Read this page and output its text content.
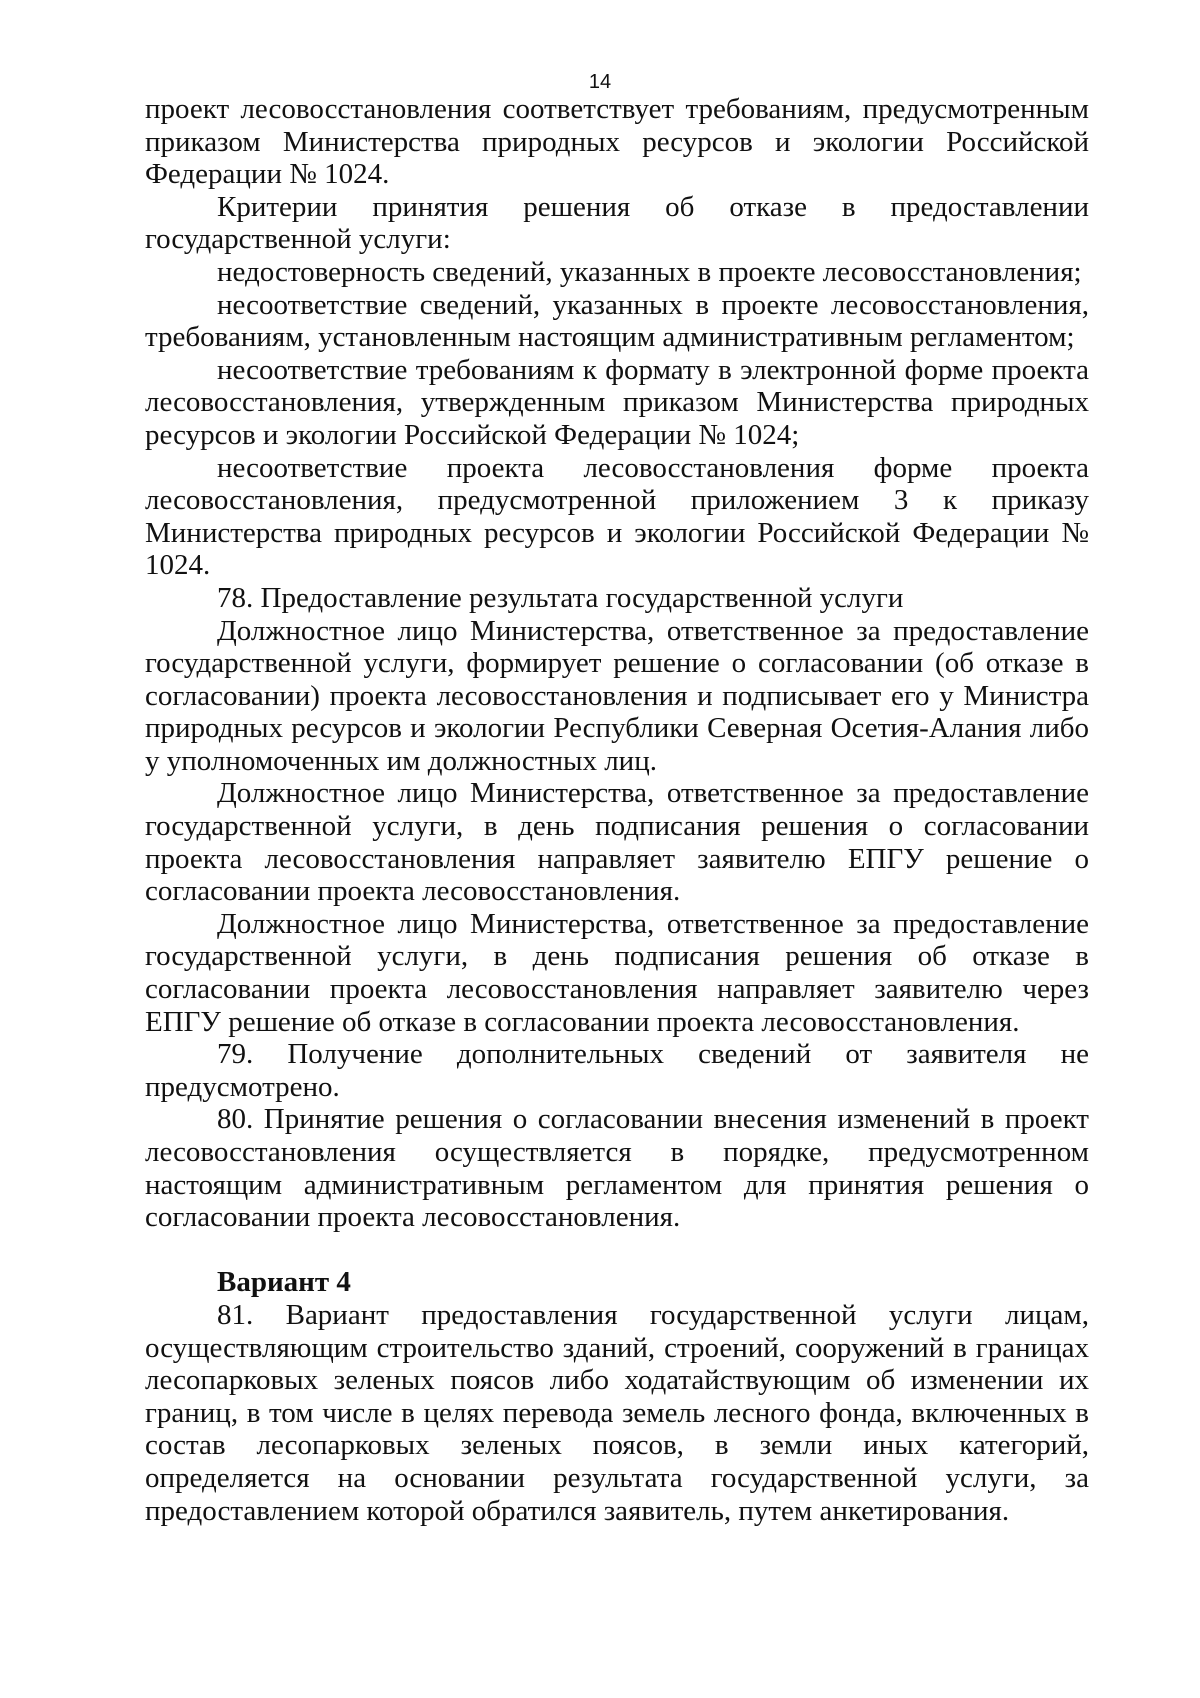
14

проект лесовосстановления соответствует требованиям, предусмотренным приказом Министерства природных ресурсов и экологии Российской Федерации № 1024.

Критерии принятия решения об отказе в предоставлении государственной услуги:

недостоверность сведений, указанных в проекте лесовосстановления;

несоответствие сведений, указанных в проекте лесовосстановления, требованиям, установленным настоящим административным регламентом;

несоответствие требованиям к формату в электронной форме проекта лесовосстановления, утвержденным приказом Министерства природных ресурсов и экологии Российской Федерации № 1024;

несоответствие проекта лесовосстановления форме проекта лесовосстановления, предусмотренной приложением 3 к приказу Министерства природных ресурсов и экологии Российской Федерации № 1024.

78. Предоставление результата государственной услуги

Должностное лицо Министерства, ответственное за предоставление государственной услуги, формирует решение о согласовании (об отказе в согласовании) проекта лесовосстановления и подписывает его у Министра природных ресурсов и экологии Республики Северная Осетия-Алания либо у уполномоченных им должностных лиц.

Должностное лицо Министерства, ответственное за предоставление государственной услуги, в день подписания решения о согласовании проекта лесовосстановления направляет заявителю ЕПГУ решение о согласовании проекта лесовосстановления.

Должностное лицо Министерства, ответственное за предоставление государственной услуги, в день подписания решения об отказе в согласовании проекта лесовосстановления направляет заявителю через ЕПГУ решение об отказе в согласовании проекта лесовосстановления.

79. Получение дополнительных сведений от заявителя не предусмотрено.

80. Принятие решения о согласовании внесения изменений в проект лесовосстановления осуществляется в порядке, предусмотренном настоящим административным регламентом для принятия решения о согласовании проекта лесовосстановления.

Вариант 4

81. Вариант предоставления государственной услуги лицам, осуществляющим строительство зданий, строений, сооружений в границах лесопарковых зеленых поясов либо ходатайствующим об изменении их границ, в том числе в целях перевода земель лесного фонда, включенных в состав лесопарковых зеленых поясов, в земли иных категорий, определяется на основании результата государственной услуги, за предоставлением которой обратился заявитель, путем анкетирования.
